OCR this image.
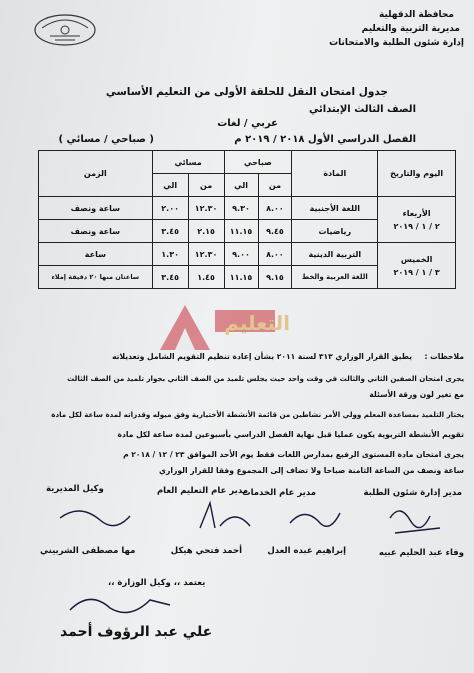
محافظة الدقهلية
مديرية التربية والتعليم
إدارة شئون الطلبة والامتحانات
جدول امتحان النقل للحلقة الأولى من التعليم الأساسي
الصف الثالث الإبتدائي
عربي / لغات
الفصل الدراسي الأول ٢٠١٨ / ٢٠١٩ م
( صباحي / مسائي )
اليوم والتاريخ	المادة	صباحي		مسائي		الزمن
		من	الي	من	الي	

الأربعاء
٢ / ١ / ٢٠١٩	اللغة الأجنبية	٨.٠٠	٩.٣٠	١٢.٣٠	٢.٠٠	ساعة ونصف
	رياضيات	٩.٤٥	١١.١٥	٢.١٥	٣.٤٥	ساعة ونصف

الخميس
٣ / ١ / ٢٠١٩	التربية الدينية	٨.٠٠	٩.٠٠	١٢.٣٠	١.٣٠	ساعة
	اللغة العربية والخط	٩.١٥	١١.١٥	١.٤٥	٣.٤٥	ساعتان منها ٢٠ دقيقة إملاء
التعليم
ملاحظات :
يطبق القرار الوزاري ٣١٣ لسنة ٢٠١١ بشأن إعادة تنظيم التقويم الشامل وتعديلاته
يجرى امتحان الصفين الثاني والثالث في وقت واحد حيث يجلس تلميذ من الصف الثاني بجوار تلميذ من الصف الثالث
مع تغير لون ورقة الأسئلة
يختار التلميذ بمساعدة المعلم وولي الأمر نشاطين من قائمة الأنشطة الأختيارية وفق ميوله وقدراته لمدة ساعة لكل مادة
تقويم الأنشطة التربوية يكون عمليا قبل نهاية الفصل الدراسي بأسبوعين لمدة ساعة لكل مادة
يجرى امتحان مادة المستوى الرفيع بمدارس اللغات فقط يوم الأحد الموافق ٢٣ / ١٢ / ٢٠١٨ م
ساعة ونصف من الساعة الثامنة صباحا ولا تضاف إلى المجموع وفقا للقرار الوزاري
مدير إدارة شئون الطلبة
مدير عام الخدمات
مدير عام التعليم العام
وكيل المديرية
وفاء عبد الحليم عبيه
إبراهيم عبده العدل
أحمد فتحي هيكل
مها مصطفى الشربيني
يعتمد ،، وكيل الوزارة ،،
علي عبد الرؤوف أحمد
